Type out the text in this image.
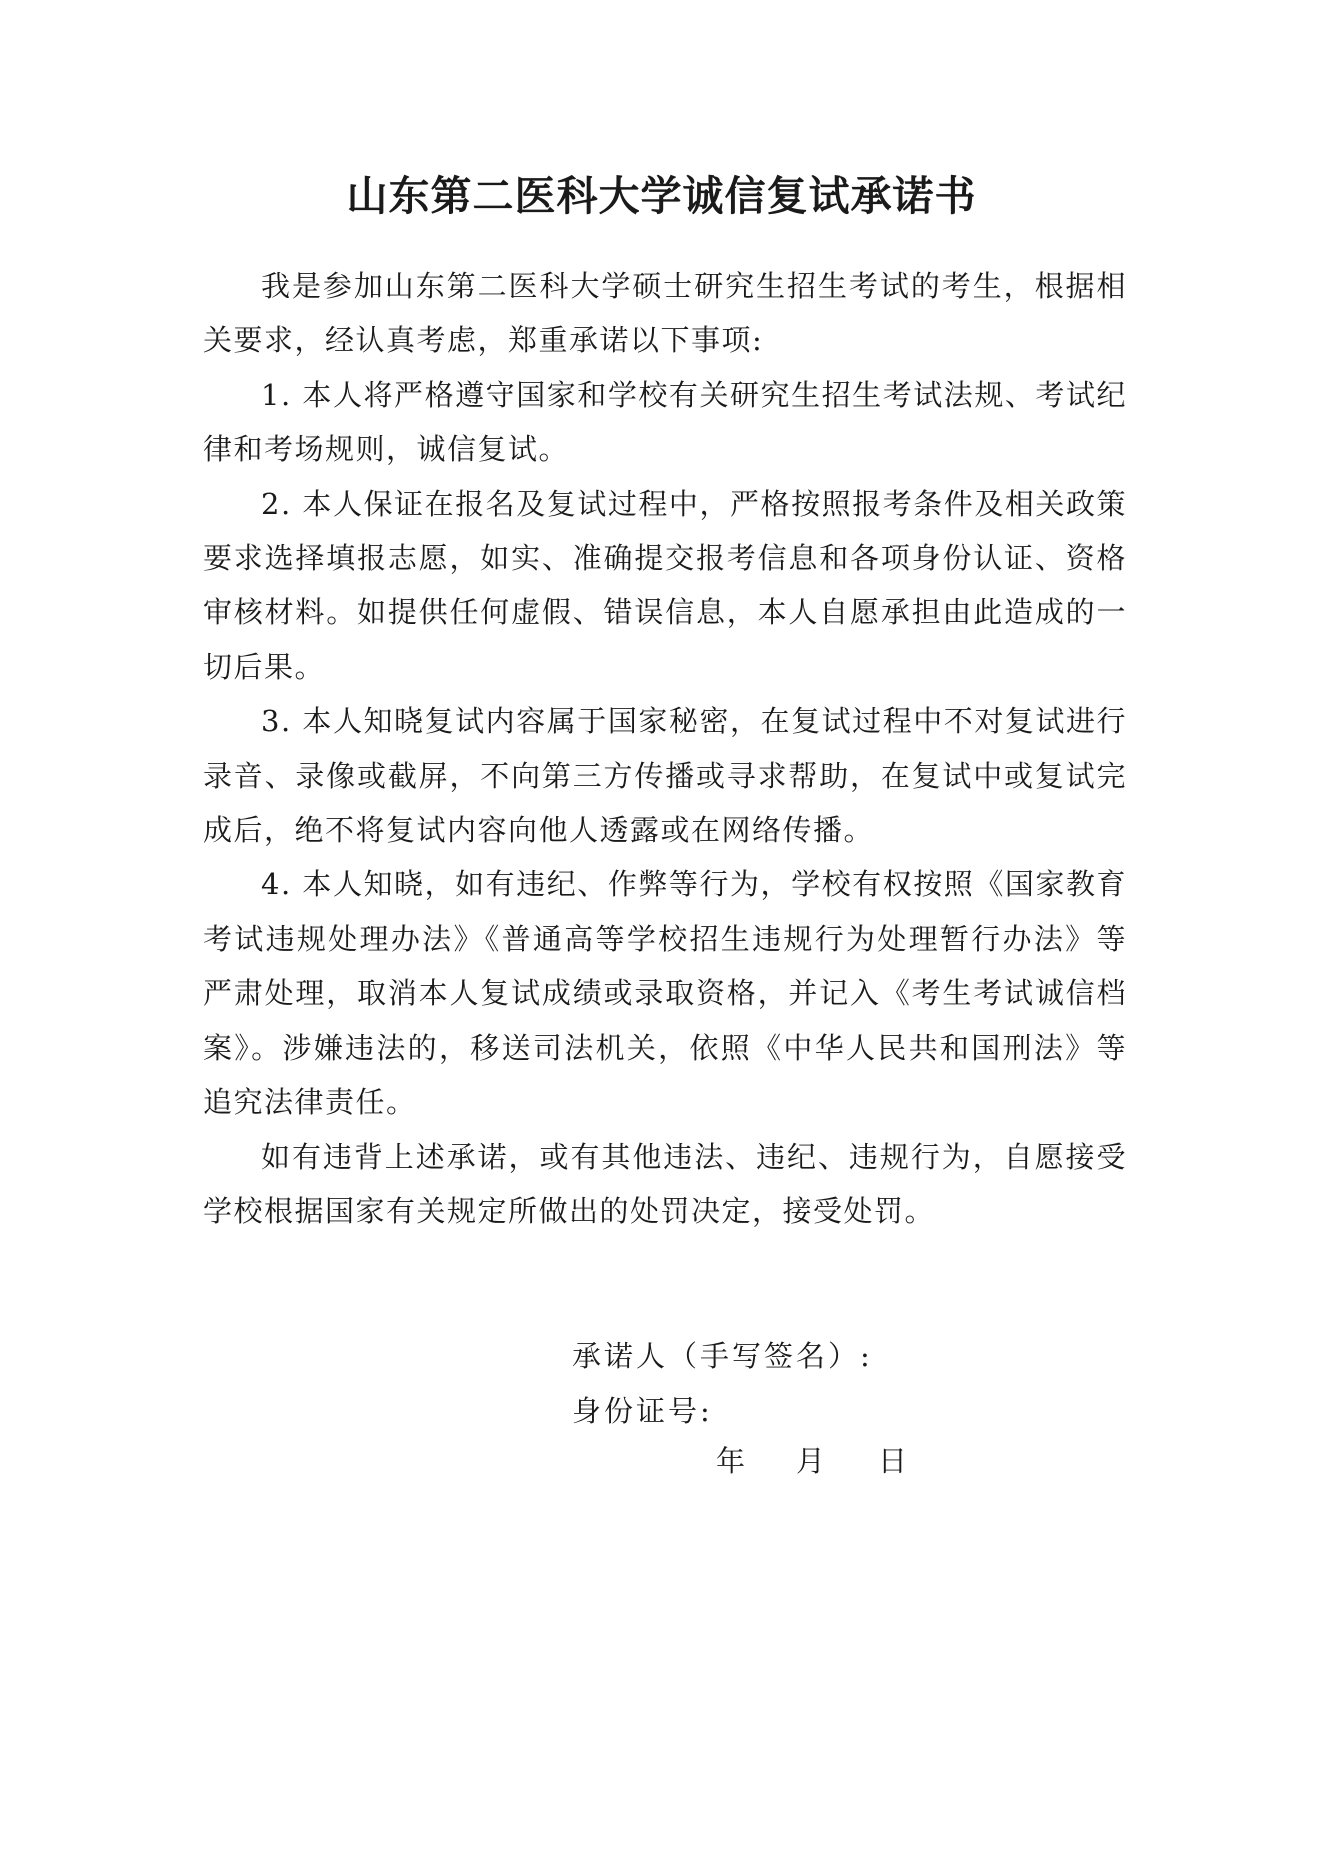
山东第二医科大学诚信复试承诺书

我是参加山东第二医科大学硕士研究生招生考试的考生，根据相关要求，经认真考虑，郑重承诺以下事项:

1. 本人将严格遵守国家和学校有关研究生招生考试法规、考试纪律和考场规则，诚信复试。

2. 本人保证在报名及复试过程中，严格按照报考条件及相关政策要求选择填报志愿，如实、准确提交报考信息和各项身份认证、资格审核材料。如提供任何虚假、错误信息，本人自愿承担由此造成的一切后果。

3. 本人知晓复试内容属于国家秘密，在复试过程中不对复试进行录音、录像或截屏，不向第三方传播或寻求帮助，在复试中或复试完成后，绝不将复试内容向他人透露或在网络传播。

4. 本人知晓，如有违纪、作弊等行为，学校有权按照《国家教育考试违规处理办法》《普通高等学校招生违规行为处理暂行办法》等严肃处理，取消本人复试成绩或录取资格，并记入《考生考试诚信档案》。涉嫌违法的，移送司法机关，依照《中华人民共和国刑法》等追究法律责任。

如有违背上述承诺，或有其他违法、违纪、违规行为，自愿接受学校根据国家有关规定所做出的处罚决定，接受处罚。

承诺人（手写签名）:

身份证号:

年 月 日
